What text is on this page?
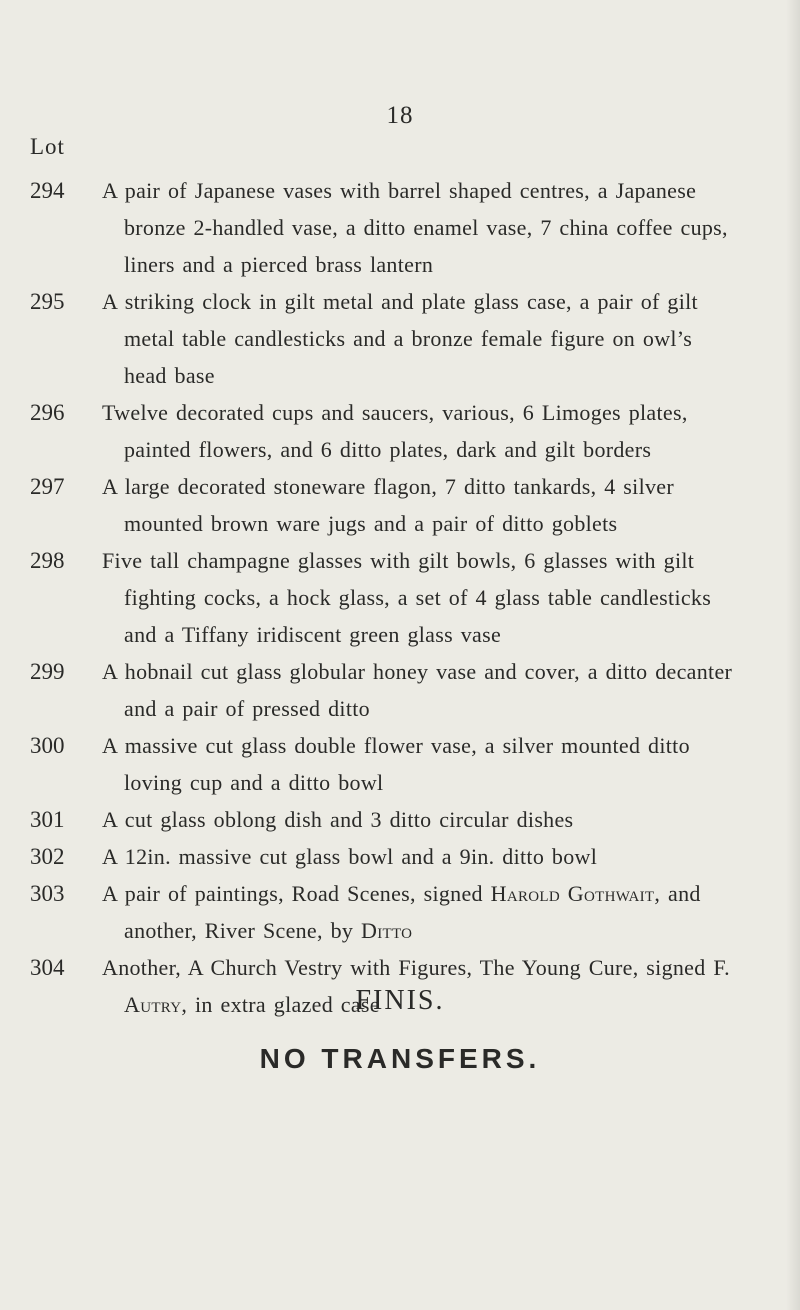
18
Lot
294	A pair of Japanese vases with barrel shaped centres, a Japanese bronze 2-handled vase, a ditto enamel vase, 7 china coffee cups, liners and a pierced brass lantern
295	A striking clock in gilt metal and plate glass case, a pair of gilt metal table candlesticks and a bronze female figure on owl’s head base
296	Twelve decorated cups and saucers, various, 6 Limoges plates, painted flowers, and 6 ditto plates, dark and gilt borders
297	A large decorated stoneware flagon, 7 ditto tankards, 4 silver mounted brown ware jugs and a pair of ditto goblets
298	Five tall champagne glasses with gilt bowls, 6 glasses with gilt fighting cocks, a hock glass, a set of 4 glass table candlesticks and a Tiffany iridiscent green glass vase
299	A hobnail cut glass globular honey vase and cover, a ditto decanter and a pair of pressed ditto
300	A massive cut glass double flower vase, a silver mounted ditto loving cup and a ditto bowl
301	A cut glass oblong dish and 3 ditto circular dishes
302	A 12in. massive cut glass bowl and a 9in. ditto bowl
303	A pair of paintings, Road Scenes, signed Harold Gothwait, and another, River Scene, by Ditto
304	Another, A Church Vestry with Figures, The Young Cure, signed F. Autry, in extra glazed case
FINIS.
NO TRANSFERS.
